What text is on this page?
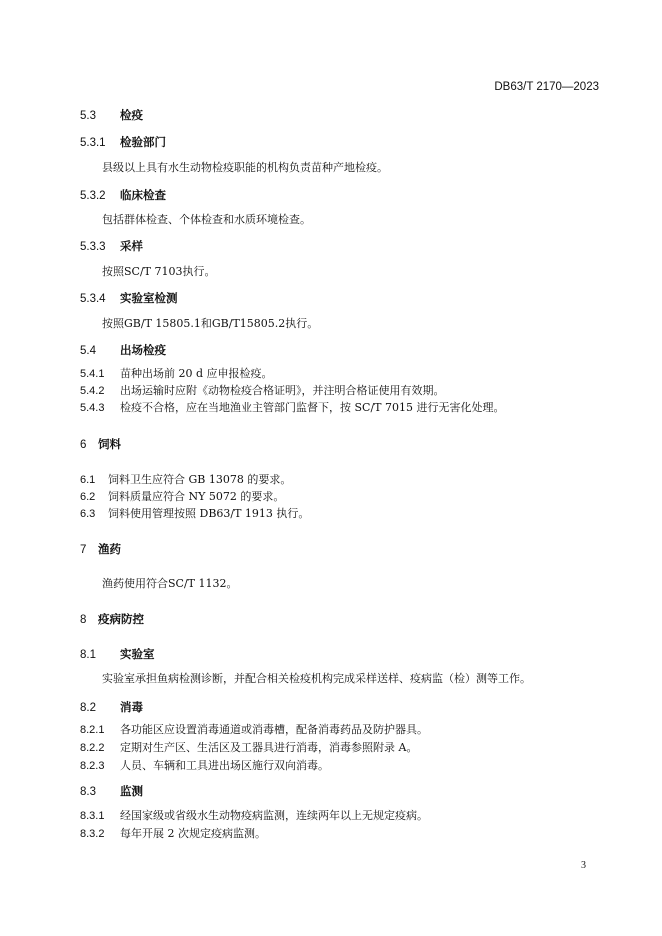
DB63/T 2170—2023
5.3 检疫
5.3.1 检验部门
县级以上具有水生动物检疫职能的机构负责苗种产地检疫。
5.3.2 临床检查
包括群体检查、个体检查和水质环境检查。
5.3.3 采样
按照SC/T 7103执行。
5.3.4 实验室检测
按照GB/T 15805.1和GB/T15805.2执行。
5.4 出场检疫
5.4.1 苗种出场前 20 d 应申报检疫。
5.4.2 出场运输时应附《动物检疫合格证明》，并注明合格证使用有效期。
5.4.3 检疫不合格，应在当地渔业主管部门监督下，按 SC/T 7015 进行无害化处理。
6 饲料
6.1 饲料卫生应符合 GB 13078 的要求。
6.2 饲料质量应符合 NY 5072 的要求。
6.3 饲料使用管理按照 DB63/T 1913 执行。
7 渔药
渔药使用符合SC/T 1132。
8 疫病防控
8.1 实验室
实验室承担鱼病检测诊断，并配合相关检疫机构完成采样送样、疫病监（检）测等工作。
8.2 消毒
8.2.1 各功能区应设置消毒通道或消毒槽，配备消毒药品及防护器具。
8.2.2 定期对生产区、生活区及工器具进行消毒，消毒参照附录 A。
8.2.3 人员、车辆和工具进出场区施行双向消毒。
8.3 监测
8.3.1 经国家级或省级水生动物疫病监测，连续两年以上无规定疫病。
8.3.2 每年开展 2 次规定疫病监测。
3
